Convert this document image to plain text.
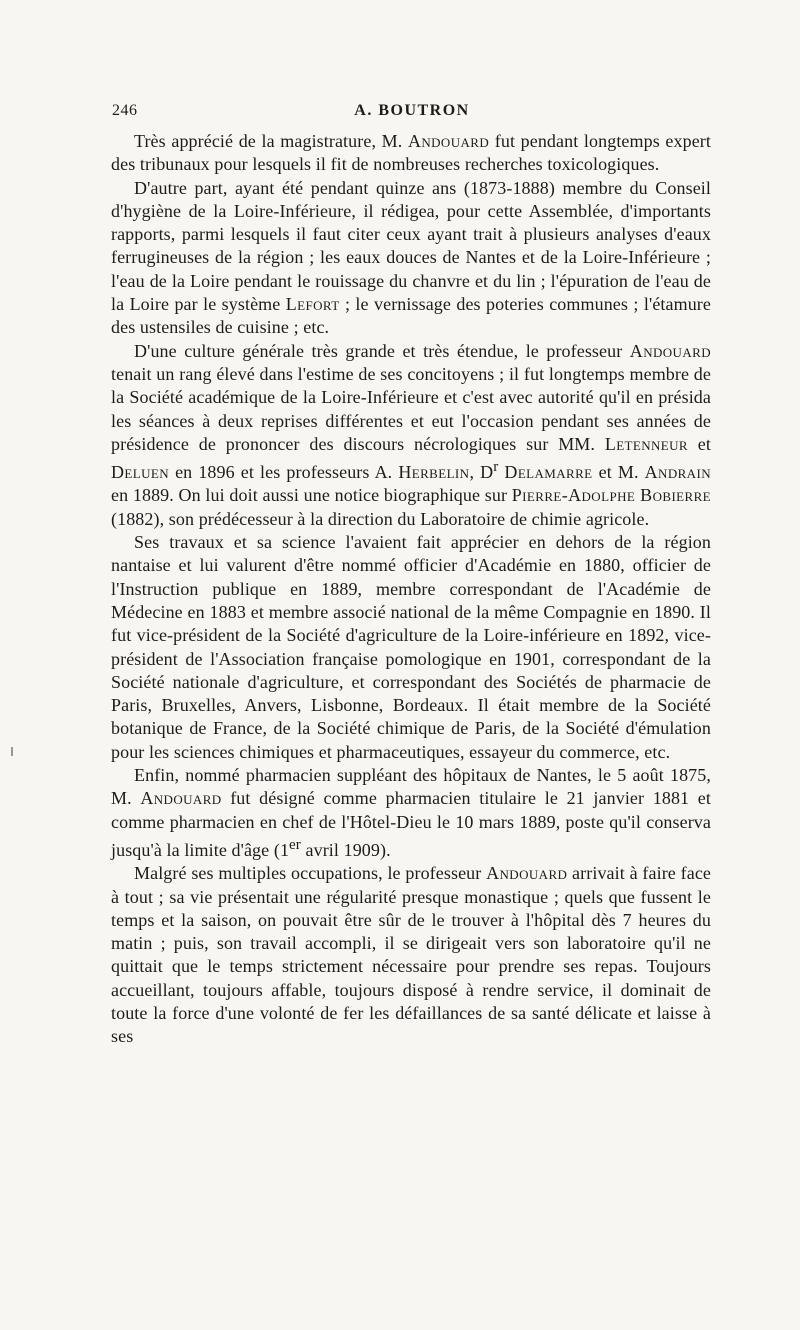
246	A. BOUTRON

Très apprécié de la magistrature, M. Andouard fut pendant longtemps expert des tribunaux pour lesquels il fit de nombreuses recherches toxicologiques.

D'autre part, ayant été pendant quinze ans (1873-1888) membre du Conseil d'hygiène de la Loire-Inférieure, il rédigea, pour cette Assemblée, d'importants rapports, parmi lesquels il faut citer ceux ayant trait à plusieurs analyses d'eaux ferrugineuses de la région ; les eaux douces de Nantes et de la Loire-Inférieure ; l'eau de la Loire pendant le rouissage du chanvre et du lin ; l'épuration de l'eau de la Loire par le système Lefort ; le vernissage des poteries communes ; l'étamure des ustensiles de cuisine ; etc.

D'une culture générale très grande et très étendue, le professeur Andouard tenait un rang élevé dans l'estime de ses concitoyens ; il fut longtemps membre de la Société académique de la Loire-Inférieure et c'est avec autorité qu'il en présida les séances à deux reprises différentes et eut l'occasion pendant ses années de présidence de prononcer des discours nécrologiques sur MM. Letenneur et Deluen en 1896 et les professeurs A. Herbelin, $D^r$ Delamarre et M. Andrain en 1889. On lui doit aussi une notice biographique sur Pierre-Adolphe Bobierre (1882), son prédécesseur à la direction du Laboratoire de chimie agricole.

Ses travaux et sa science l'avaient fait apprécier en dehors de la région nantaise et lui valurent d'être nommé officier d'Académie en 1880, officier de l'Instruction publique en 1889, membre correspondant de l'Académie de Médecine en 1883 et membre associé national de la même Compagnie en 1890. Il fut vice-président de la Société d'agriculture de la Loire-inférieure en 1892, vice-président de l'Association française pomologique en 1901, correspondant de la Société nationale d'agriculture, et correspondant des Sociétés de pharmacie de Paris, Bruxelles, Anvers, Lisbonne, Bordeaux. Il était membre de la Société botanique de France, de la Société chimique de Paris, de la Société d'émulation pour les sciences chimiques et pharmaceutiques, essayeur du commerce, etc.

Enfin, nommé pharmacien suppléant des hôpitaux de Nantes, le 5 août 1875, M. Andouard fut désigné comme pharmacien titulaire le 21 janvier 1881 et comme pharmacien en chef de l'Hôtel-Dieu le 10 mars 1889, poste qu'il conserva jusqu'à la limite d'âge (1er avril 1909).

Malgré ses multiples occupations, le professeur Andouard arrivait à faire face à tout ; sa vie présentait une régularité presque monastique ; quels que fussent le temps et la saison, on pouvait être sûr de le trouver à l'hôpital dès 7 heures du matin ; puis, son travail accompli, il se dirigeait vers son laboratoire qu'il ne quittait que le temps strictement nécessaire pour prendre ses repas. Toujours accueillant, toujours affable, toujours disposé à rendre service, il dominait de toute la force d'une volonté de fer les défaillances de sa santé délicate et laisse à ses
